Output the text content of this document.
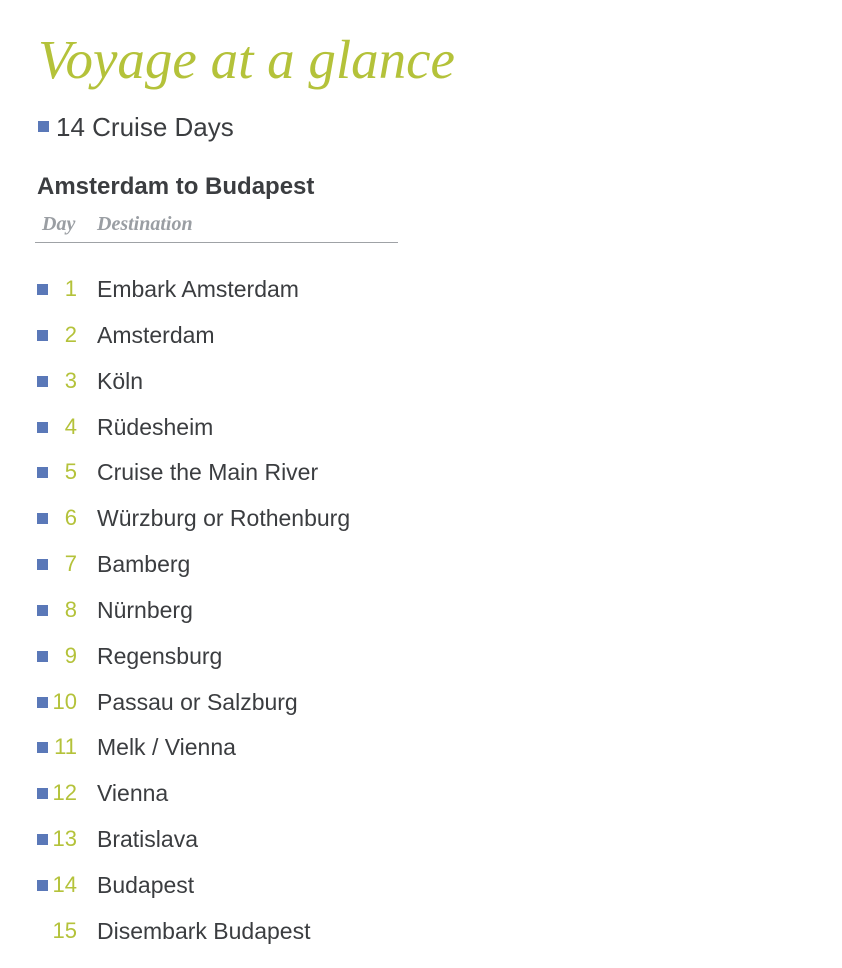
Voyage at a glance
14 Cruise Days
Amsterdam to Budapest
Day Destination
1 Embark Amsterdam
2 Amsterdam
3 Köln
4 Rüdesheim
5 Cruise the Main River
6 Würzburg or Rothenburg
7 Bamberg
8 Nürnberg
9 Regensburg
10 Passau or Salzburg
11 Melk / Vienna
12 Vienna
13 Bratislava
14 Budapest
15 Disembark Budapest
